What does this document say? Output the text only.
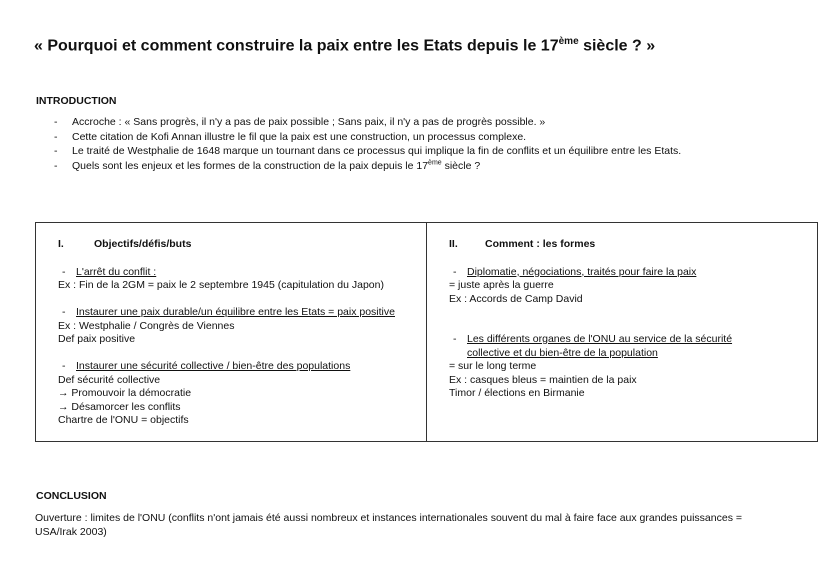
« Pourquoi et comment construire la paix entre les Etats depuis le 17ème siècle ? »
INTRODUCTION
- Accroche : « Sans progrès, il n'y a pas de paix possible ; Sans paix, il n'y a pas de progrès possible. »
- Cette citation de Kofi Annan illustre le fil que la paix est une construction, un processus complexe.
- Le traité de Westphalie de 1648 marque un tournant dans ce processus qui implique la fin de conflits et un équilibre entre les Etats.
- Quels sont les enjeux et les formes de la construction de la paix depuis le 17ème siècle ?
I.	Objectifs/défis/buts
- L'arrêt du conflit :
Ex : Fin de la 2GM = paix le 2 septembre 1945 (capitulation du Japon)
- Instaurer une paix durable/un équilibre entre les Etats = paix positive
Ex : Westphalie / Congrès de Viennes
Def paix positive
- Instaurer une sécurité collective / bien-être des populations
Def sécurité collective
→ Promouvoir la démocratie
→ Désamorcer les conflits
Chartre de l'ONU = objectifs
II.	Comment : les formes
- Diplomatie, négociations, traités pour faire la paix
= juste après la guerre
Ex : Accords de Camp David
- Les différents organes de l'ONU au service de la sécurité
collective et du bien-être de la population
= sur le long terme
Ex : casques bleus = maintien de la paix
Timor / élections en Birmanie
CONCLUSION
Ouverture : limites de l'ONU (conflits n'ont jamais été aussi nombreux et instances internationales souvent du mal à faire face aux grandes puissances = USA/Irak 2003)
